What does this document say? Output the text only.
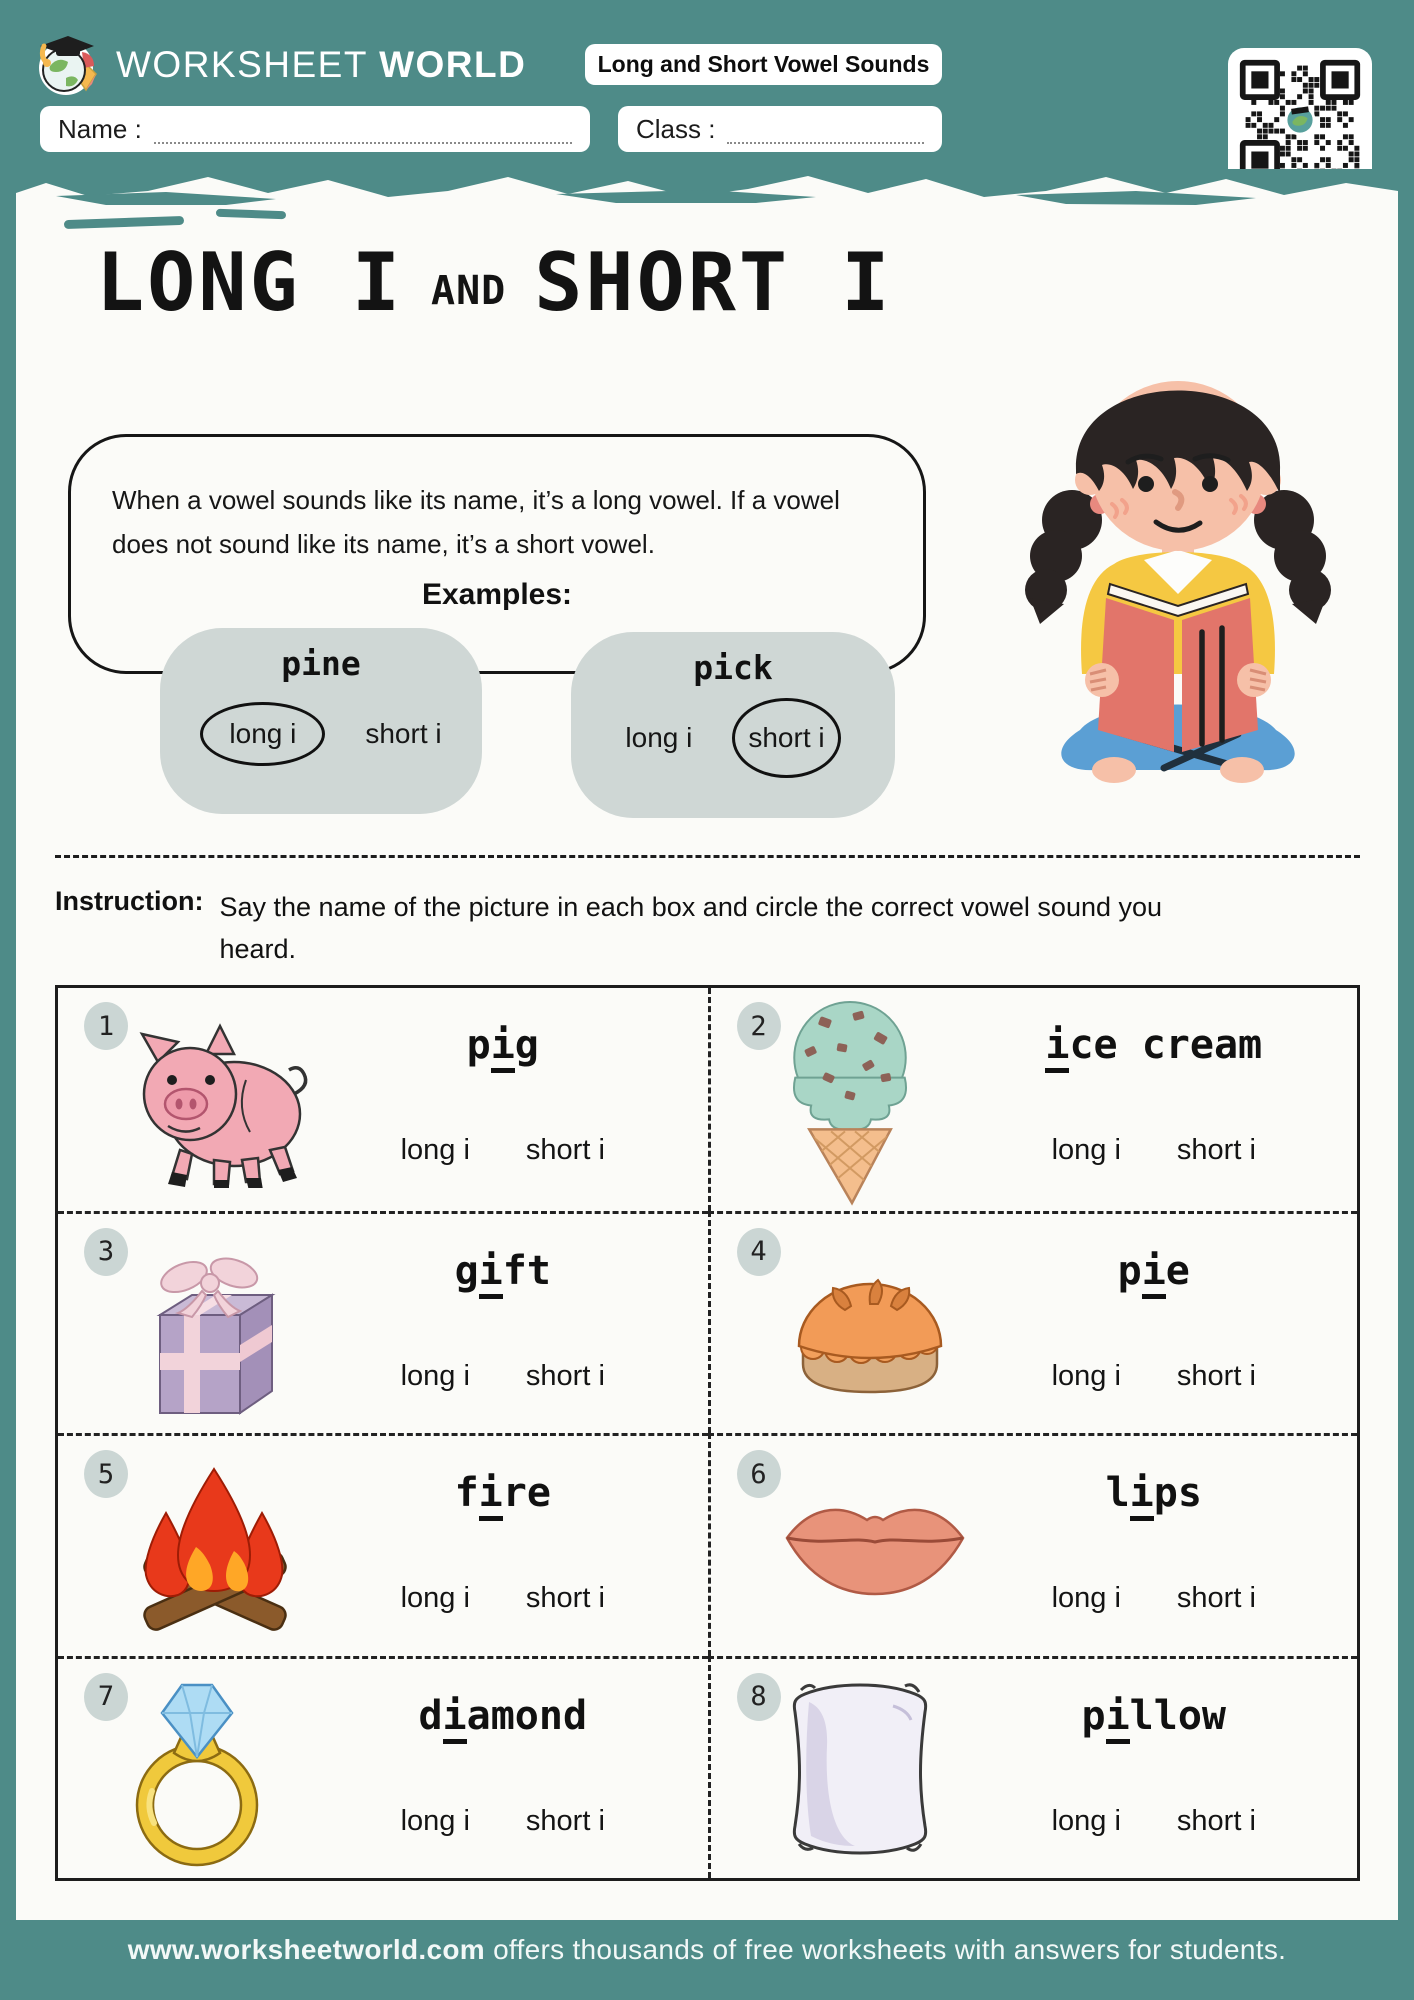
WORKSHEET WORLD	Long and Short Vowel Sounds
Name :	Class :
LONG I AND SHORT I

When a vowel sounds like its name, it’s a long vowel. If a vowel does not sound like its name, it’s a short vowel.

Examples:
pine
long i	short i
pick
long i	short i
Instruction: Say the name of the picture in each box and circle the correct vowel sound you heard.
1	pig
long i short i
2	ice cream
long i short i
3	gift
long i short i
4	pie
long i short i
5	fire
long i short i
6	lips
long i short i
7	diamond
long i short i
8	pillow
long i short i
www.worksheetworld.com offers thousands of free worksheets with answers for students.
